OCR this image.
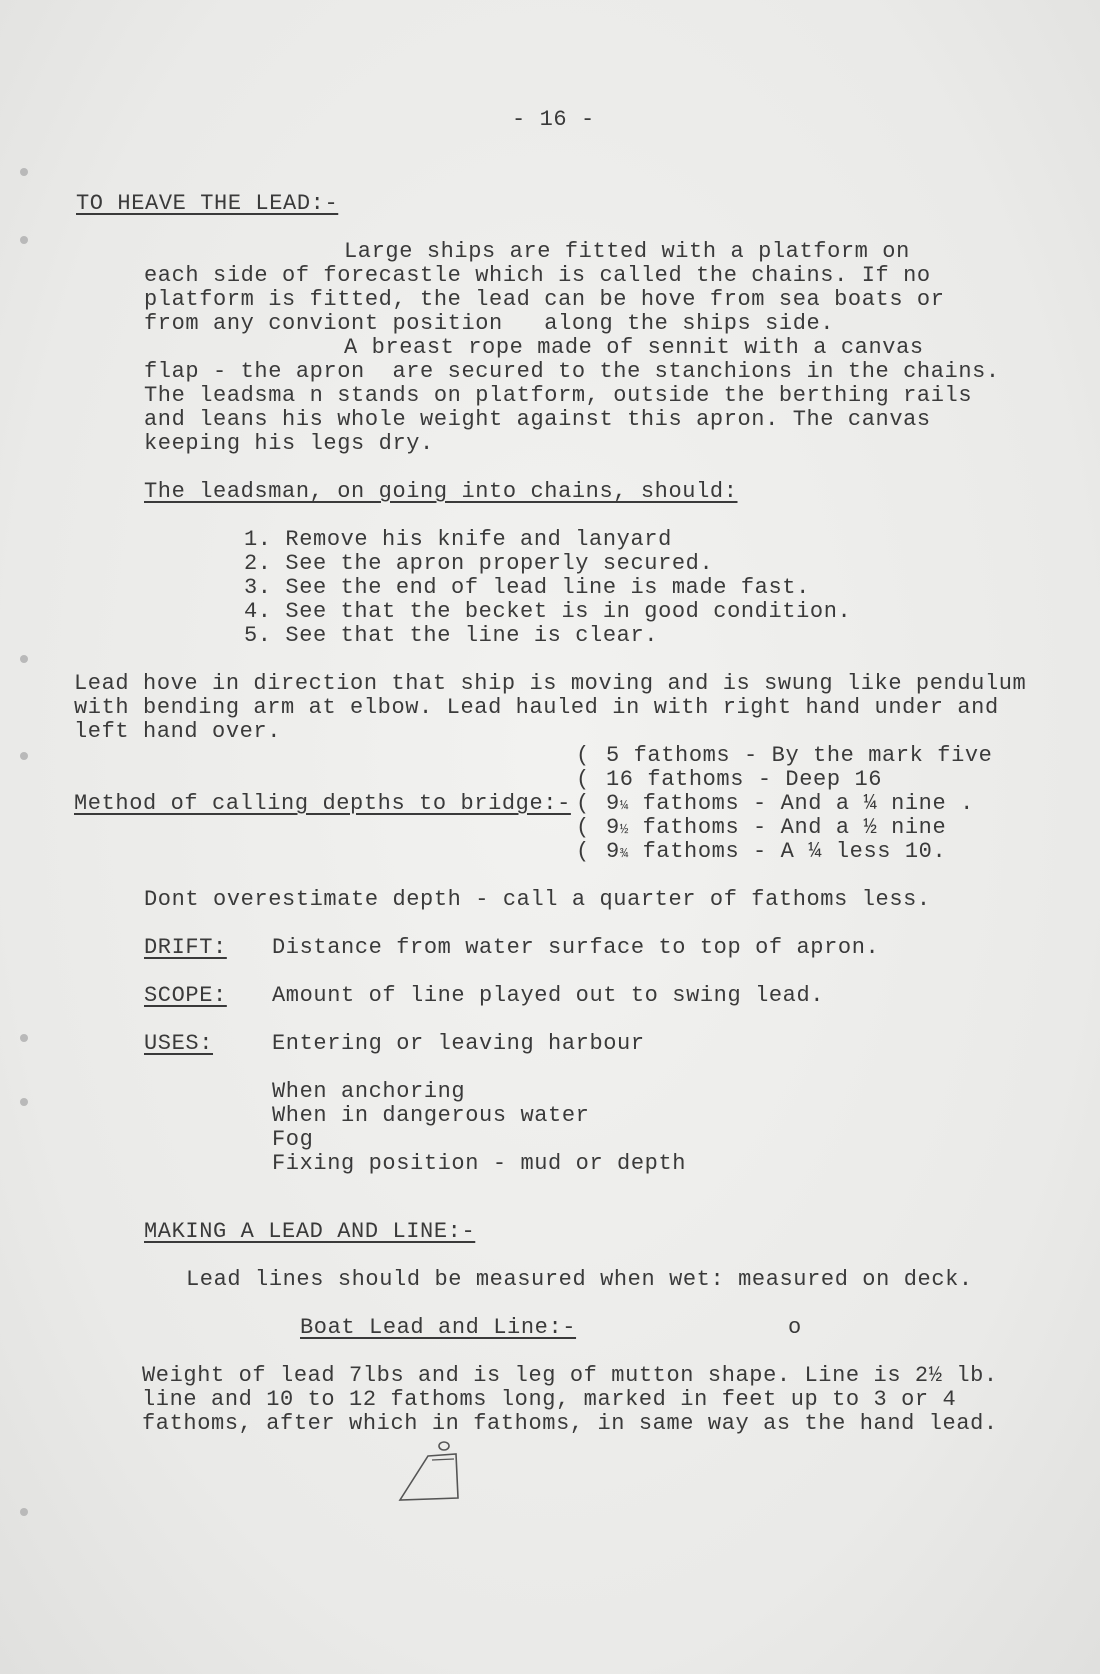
- 16 -
TO HEAVE THE LEAD:-
Large ships are fitted with a platform on
each side of forecastle which is called the chains. If no
platform is fitted, the lead can be hove from sea boats or
from any conviont position   along the ships side.
A breast rope made of sennit with a canvas
flap - the apron  are secured to the stanchions in the chains.
The leadsma n stands on platform, outside the berthing rails
and leans his whole weight against this apron. The canvas
keeping his legs dry.
The leadsman, on going into chains, should:
1. Remove his knife and lanyard
2. See the apron properly secured.
3. See the end of lead line is made fast.
4. See that the becket is in good condition.
5. See that the line is clear.
Lead hove in direction that ship is moving and is swung like pendulum
with bending arm at elbow. Lead hauled in with right hand under and
left hand over.
Method of calling depths to bridge:-
( 5 fathoms - By the mark five
( 16 fathoms - Deep 16
( 9¼ fathoms - And a ¼ nine .
( 9½ fathoms - And a ½ nine
( 9¾ fathoms - A ¼ less 10.
Dont overestimate depth - call a quarter of fathoms less.
DRIFT: Distance from water surface to top of apron.
SCOPE: Amount of line played out to swing lead.
USES:	Entering or leaving harbour
When anchoring
When in dangerous water
Fog
Fixing position - mud or depth
MAKING A LEAD AND LINE:-
Lead lines should be measured when wet: measured on deck.
Boat Lead and Line:-	o
Weight of lead 7lbs and is leg of mutton shape. Line is 2½ lb.
line and 10 to 12 fathoms long, marked in feet up to 3 or 4
fathoms, after which in fathoms, in same way as the hand lead.
